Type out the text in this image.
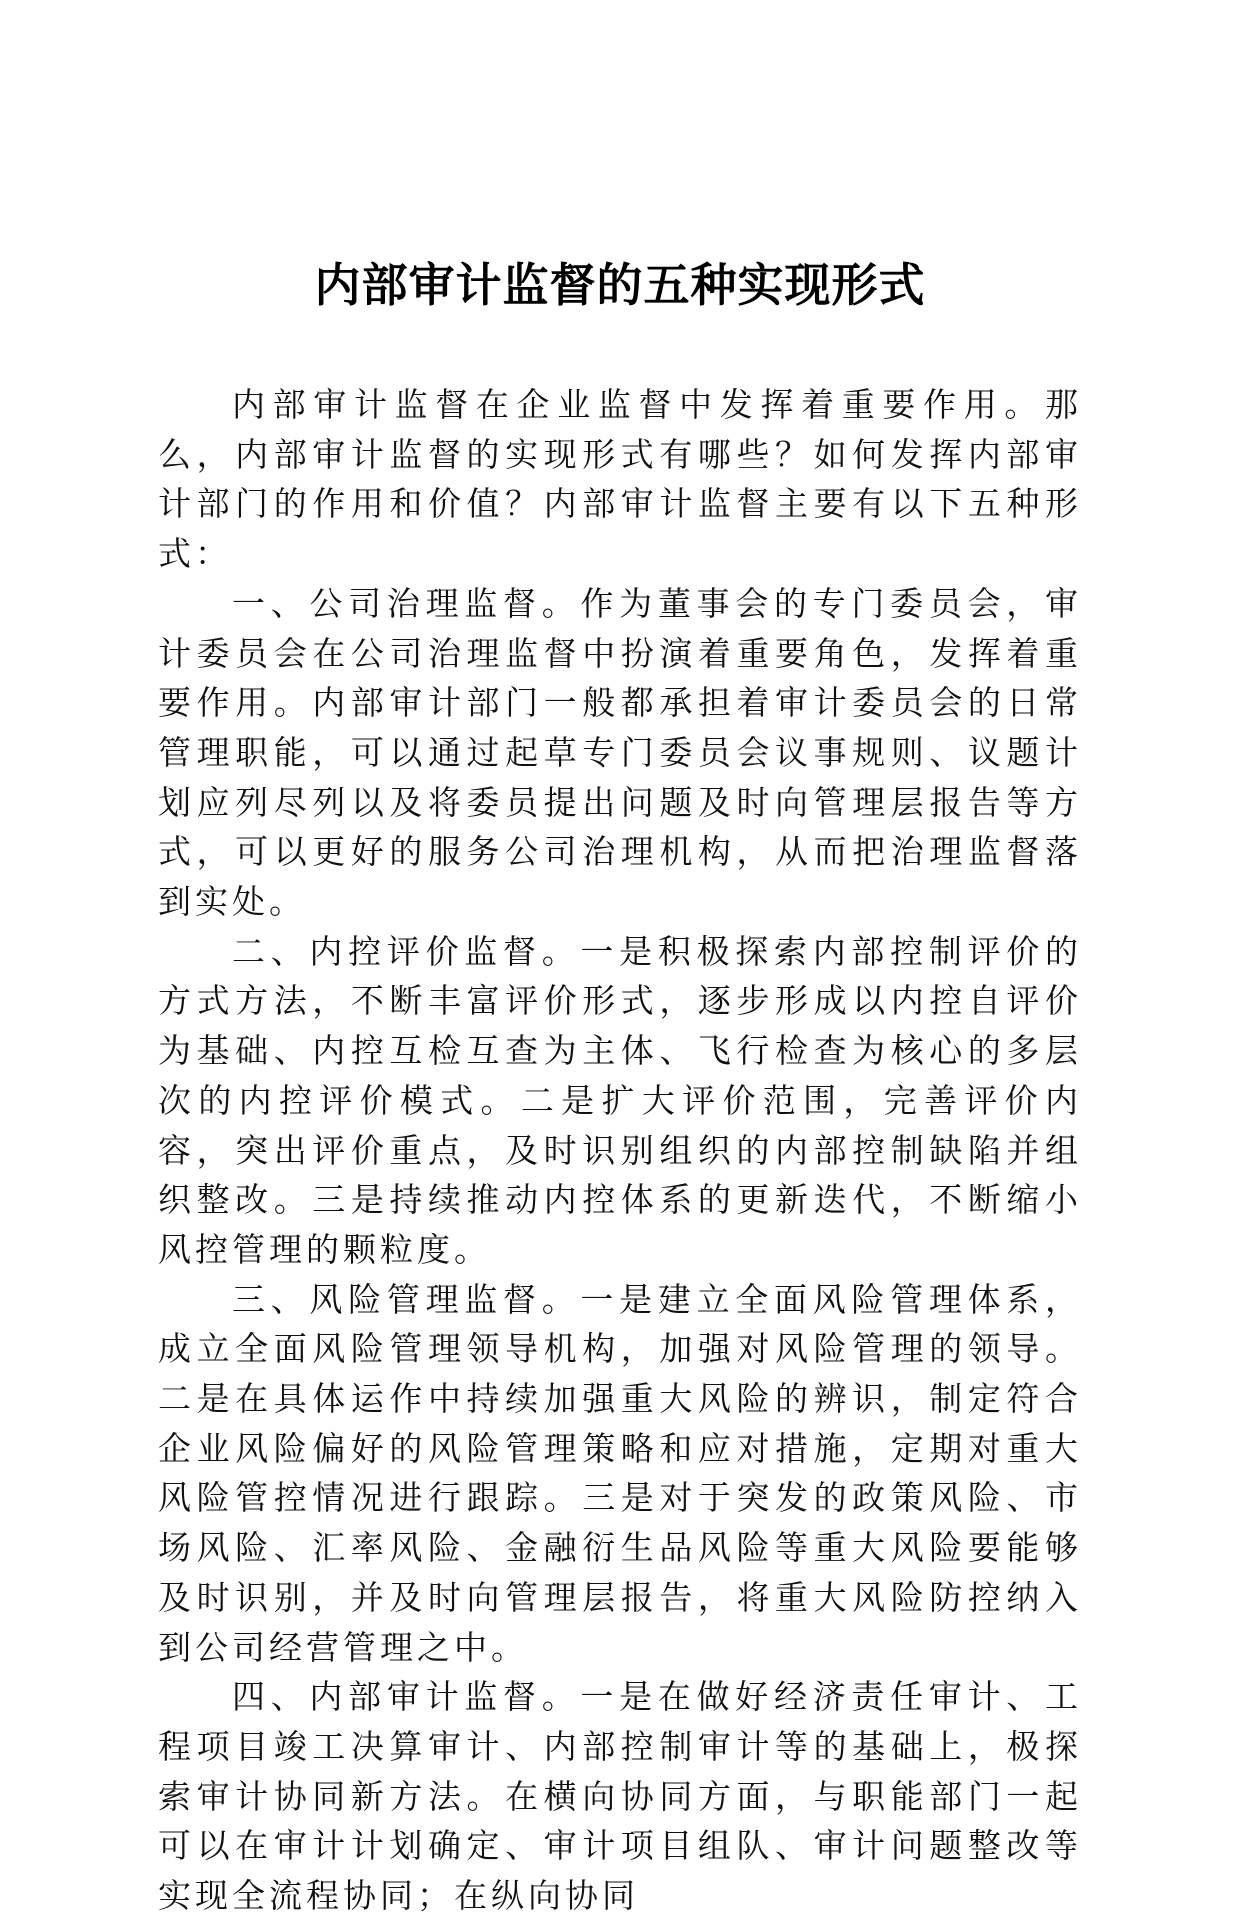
内部审计监督的五种实现形式

内部审计监督在企业监督中发挥着重要作用。那么，内部审计监督的实现形式有哪些？如何发挥内部审计部门的作用和价值？内部审计监督主要有以下五种形式：

一、公司治理监督。作为董事会的专门委员会，审计委员会在公司治理监督中扮演着重要角色，发挥着重要作用。内部审计部门一般都承担着审计委员会的日常管理职能，可以通过起草专门委员会议事规则、议题计划应列尽列以及将委员提出问题及时向管理层报告等方式，可以更好的服务公司治理机构，从而把治理监督落到实处。

二、内控评价监督。一是积极探索内部控制评价的方式方法，不断丰富评价形式，逐步形成以内控自评价为基础、内控互检互查为主体、飞行检查为核心的多层次的内控评价模式。二是扩大评价范围，完善评价内容，突出评价重点，及时识别组织的内部控制缺陷并组织整改。三是持续推动内控体系的更新迭代，不断缩小风控管理的颗粒度。

三、风险管理监督。一是建立全面风险管理体系，成立全面风险管理领导机构，加强对风险管理的领导。二是在具体运作中持续加强重大风险的辨识，制定符合企业风险偏好的风险管理策略和应对措施，定期对重大风险管控情况进行跟踪。三是对于突发的政策风险、市场风险、汇率风险、金融衍生品风险等重大风险要能够及时识别，并及时向管理层报告，将重大风险防控纳入到公司经营管理之中。

四、内部审计监督。一是在做好经济责任审计、工程项目竣工决算审计、内部控制审计等的基础上，极探索审计协同新方法。在横向协同方面，与职能部门一起可以在审计计划确定、审计项目组队、审计问题整改等实现全流程协同；在纵向协同
